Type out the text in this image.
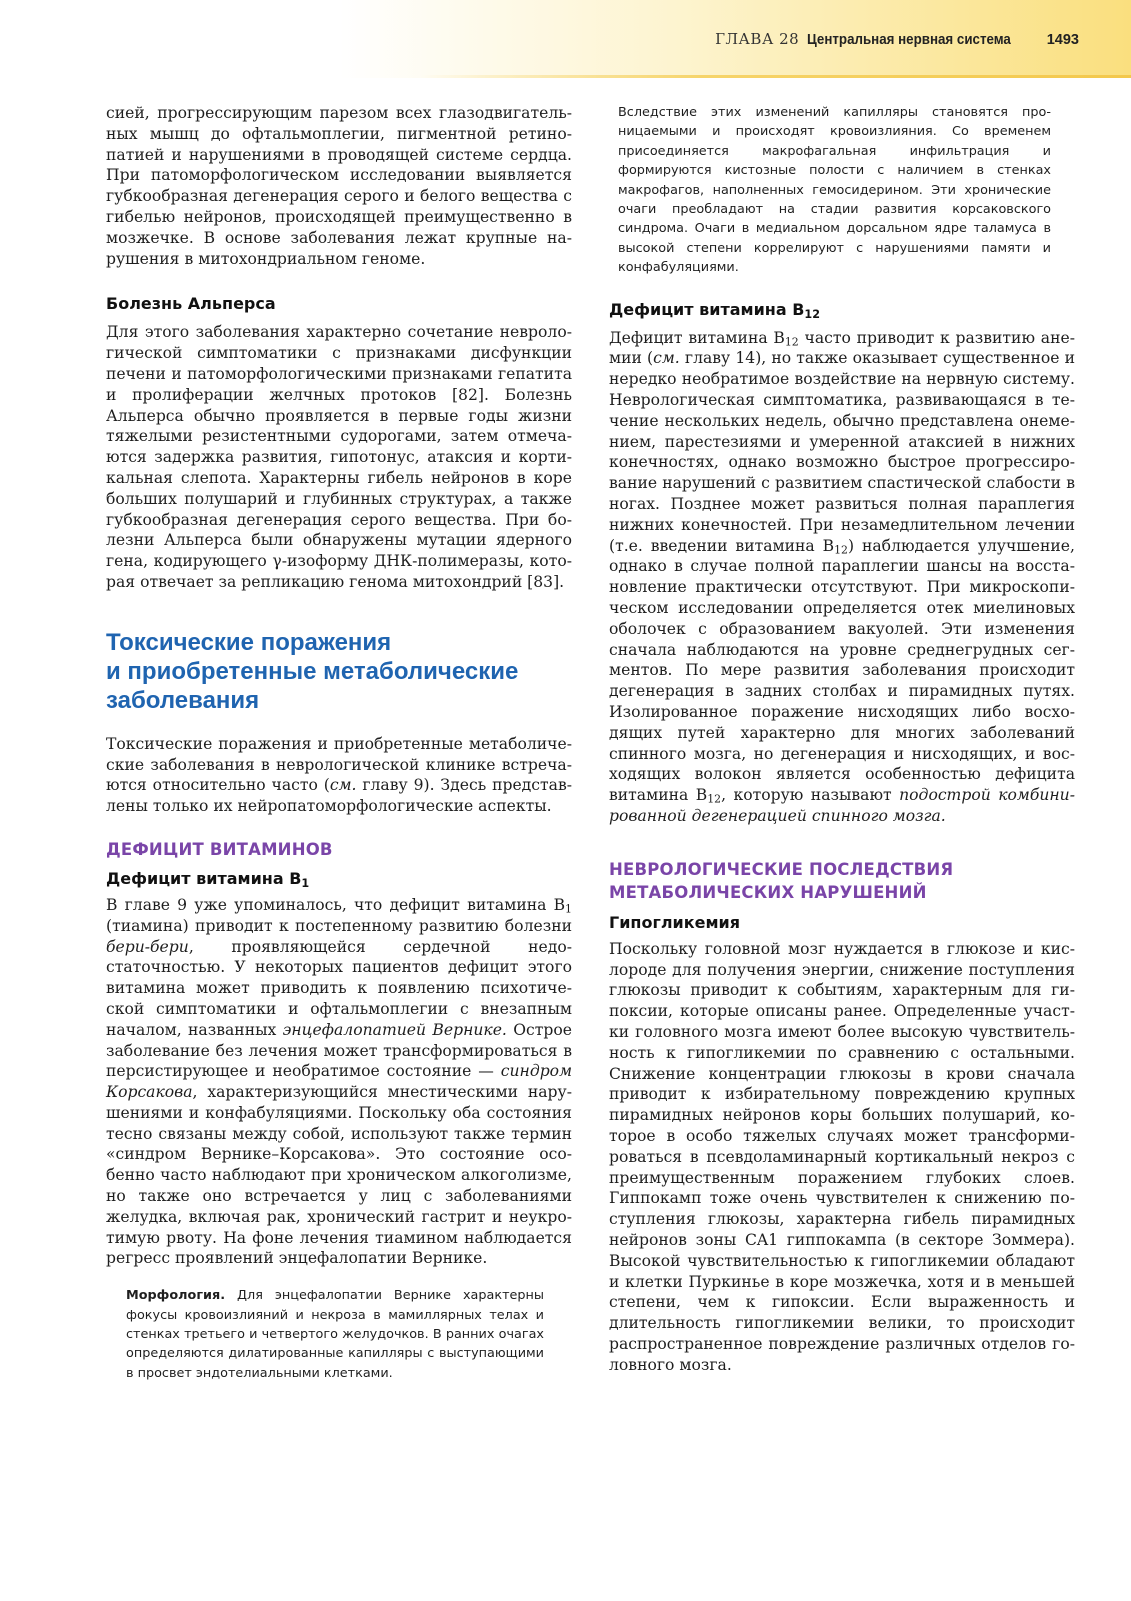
ГЛАВА 28 Центральная нервная система 1493

сией, прогрессирующим парезом всех глазодвигательных мышц до офтальмоплегии, пигментной ретинопатией и нарушениями в проводящей системе сердца. При патоморфологическом исследовании выявляется губкообразная дегенерация серого и белого вещества с гибелью нейронов, происходящей преимущественно в мозжечке. В основе заболевания лежат крупные нарушения в митохондриальном геноме.

Болезнь Альперса

Для этого заболевания характерно сочетание неврологической симптоматики с признаками дисфункции печени и патоморфологическими признаками гепатита и пролиферации желчных протоков [82]. Болезнь Альперса обычно проявляется в первые годы жизни тяжелыми резистентными судорогами, затем отмечаются задержка развития, гипотонус, атаксия и кортикальная слепота. Характерны гибель нейронов в коре больших полушарий и глубинных структурах, а также губкообразная дегенерация серого вещества. При болезни Альперса были обнаружены мутации ядерного гена, кодирующего γ-изоформу ДНК-полимеразы, которая отвечает за репликацию генома митохондрий [83].

Токсические поражения
и приобретенные метаболические
заболевания

Токсические поражения и приобретенные метаболические заболевания в неврологической клинике встречаются относительно часто (см. главу 9). Здесь представлены только их нейропатоморфологические аспекты.

ДЕФИЦИТ ВИТАМИНОВ
Дефицит витамина $B_1$

В главе 9 уже упоминалось, что дефицит витамина $B_1$ (тиамина) приводит к постепенному развитию болезни бери-бери, проявляющейся сердечной недостаточностью. У некоторых пациентов дефицит этого витамина может приводить к появлению психотической симптоматики и офтальмоплегии с внезапным началом, названных энцефалопатией Вернике. Острое заболевание без лечения может трансформироваться в персистирующее и необратимое состояние — синдром Корсакова, характеризующийся мнестическими нарушениями и конфабуляциями. Поскольку оба состояния тесно связаны между собой, используют также термин «синдром Вернике–Корсакова». Это состояние особенно часто наблюдают при хроническом алкоголизме, но также оно встречается у лиц с заболеваниями желудка, включая рак, хронический гастрит и неукротимую рвоту. На фоне лечения тиамином наблюдается регресс проявлений энцефалопатии Вернике.

Морфология. Для энцефалопатии Вернике характерны фокусы кровоизлияний и некроза в мамиллярных телах и стенках третьего и четвертого желудочков. В ранних очагах определяются дилатированные капилляры с выступающими в просвет эндотелиальными клетками.

Вследствие этих изменений капилляры становятся проницаемыми и происходят кровоизлияния. Со временем присоединяется макрофагальная инфильтрация и формируются кистозные полости с наличием в стенках макрофагов, наполненных гемосидерином. Эти хронические очаги преобладают на стадии развития корсаковского синдрома. Очаги в медиальном дорсальном ядре таламуса в высокой степени коррелируют с нарушениями памяти и конфабуляциями.

Дефицит витамина $B_{12}$

Дефицит витамина $B_{12}$ часто приводит к развитию анемии (см. главу 14), но также оказывает существенное и нередко необратимое воздействие на нервную систему. Неврологическая симптоматика, развивающаяся в течение нескольких недель, обычно представлена онемением, парестезиями и умеренной атаксией в нижних конечностях, однако возможно быстрое прогрессирование нарушений с развитием спастической слабости в ногах. Позднее может развиться полная параплегия нижних конечностей. При незамедлительном лечении (т.е. введении витамина $B_{12}$) наблюдается улучшение, однако в случае полной параплегии шансы на восстановление практически отсутствуют. При микроскопическом исследовании определяется отек миелиновых оболочек с образованием вакуолей. Эти изменения сначала наблюдаются на уровне среднегрудных сегментов. По мере развития заболевания происходит дегенерация в задних столбах и пирамидных путях. Изолированное поражение нисходящих либо восходящих путей характерно для многих заболеваний спинного мозга, но дегенерация и нисходящих, и восходящих волокон является особенностью дефицита витамина $B_{12}$, которую называют подострой комбинированной дегенерацией спинного мозга.

НЕВРОЛОГИЧЕСКИЕ ПОСЛЕДСТВИЯ
МЕТАБОЛИЧЕСКИХ НАРУШЕНИЙ
Гипогликемия

Поскольку головной мозг нуждается в глюкозе и кислороде для получения энергии, снижение поступления глюкозы приводит к событиям, характерным для гипоксии, которые описаны ранее. Определенные участки головного мозга имеют более высокую чувствительность к гипогликемии по сравнению с остальными. Снижение концентрации глюкозы в крови сначала приводит к избирательному повреждению крупных пирамидных нейронов коры больших полушарий, которое в особо тяжелых случаях может трансформироваться в псевдоламинарный кортикальный некроз с преимущественным поражением глубоких слоев. Гиппокамп тоже очень чувствителен к снижению поступления глюкозы, характерна гибель пирамидных нейронов зоны CA1 гиппокампа (в секторе Зоммера). Высокой чувствительностью к гипогликемии обладают и клетки Пуркинье в коре мозжечка, хотя и в меньшей степени, чем к гипоксии. Если выраженность и длительность гипогликемии велики, то происходит распространенное повреждение различных отделов головного мозга.
